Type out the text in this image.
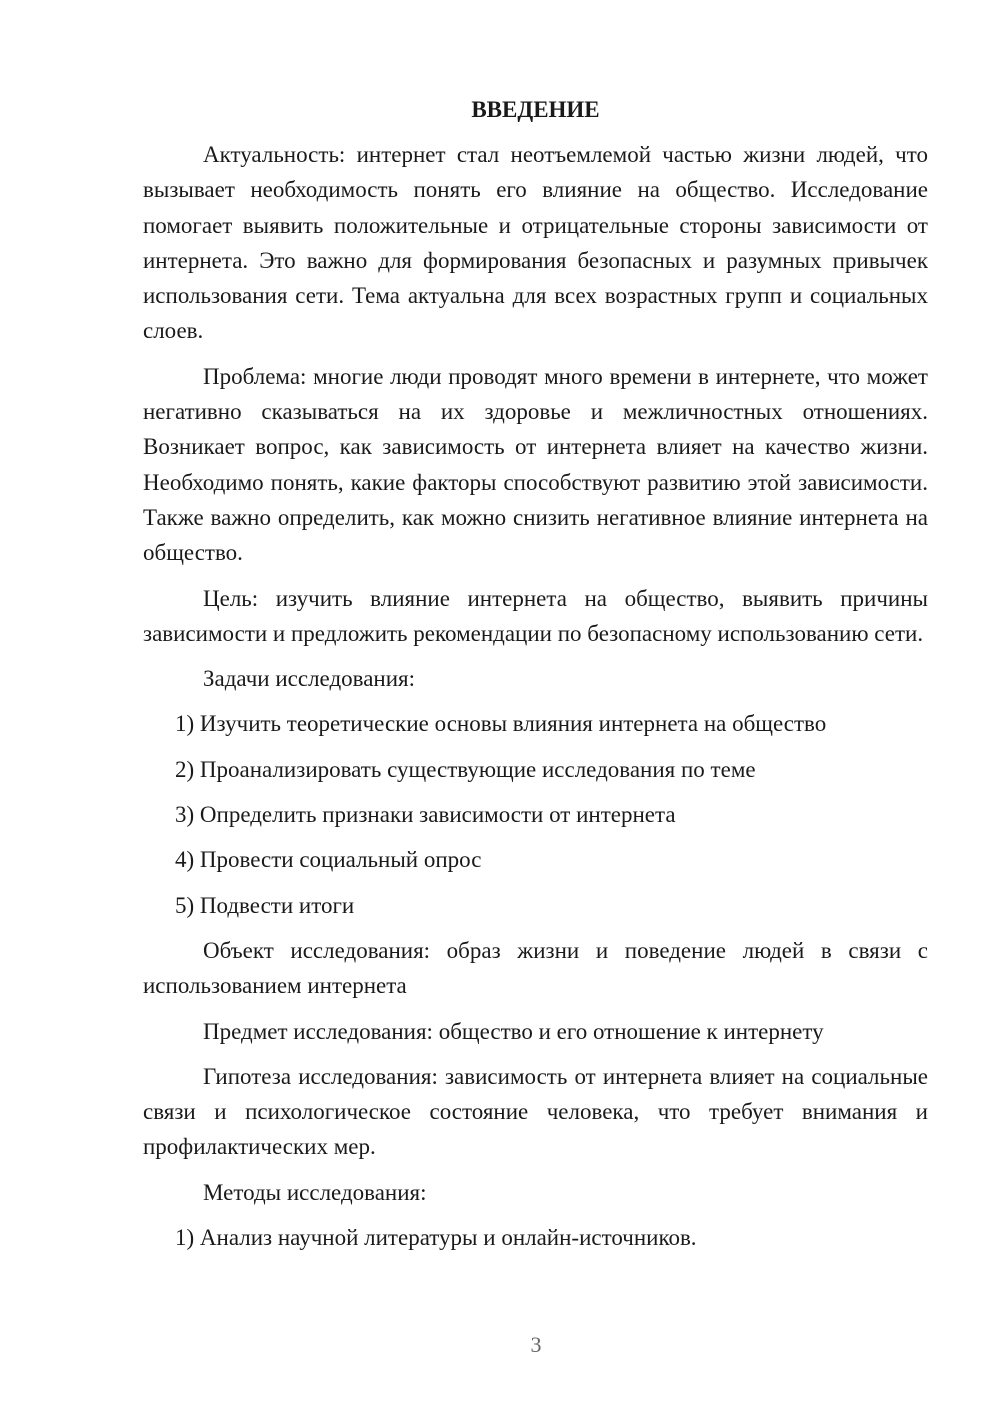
ВВЕДЕНИЕ
Актуальность: интернет стал неотъемлемой частью жизни людей, что вызывает необходимость понять его влияние на общество. Исследование помогает выявить положительные и отрицательные стороны зависимости от интернета. Это важно для формирования безопасных и разумных привычек использования сети. Тема актуальна для всех возрастных групп и социальных слоев.
Проблема: многие люди проводят много времени в интернете, что может негативно сказываться на их здоровье и межличностных отношениях. Возникает вопрос, как зависимость от интернета влияет на качество жизни. Необходимо понять, какие факторы способствуют развитию этой зависимости. Также важно определить, как можно снизить негативное влияние интернета на общество.
Цель: изучить влияние интернета на общество, выявить причины зависимости и предложить рекомендации по безопасному использованию сети.
Задачи исследования:
1) Изучить теоретические основы влияния интернета на общество
2) Проанализировать существующие исследования по теме
3) Определить признаки зависимости от интернета
4) Провести социальный опрос
5) Подвести итоги
Объект исследования: образ жизни и поведение людей в связи с использованием интернета
Предмет исследования: общество и его отношение к интернету
Гипотеза исследования: зависимость от интернета влияет на социальные связи и психологическое состояние человека, что требует внимания и профилактических мер.
Методы исследования:
1) Анализ научной литературы и онлайн-источников.
3
